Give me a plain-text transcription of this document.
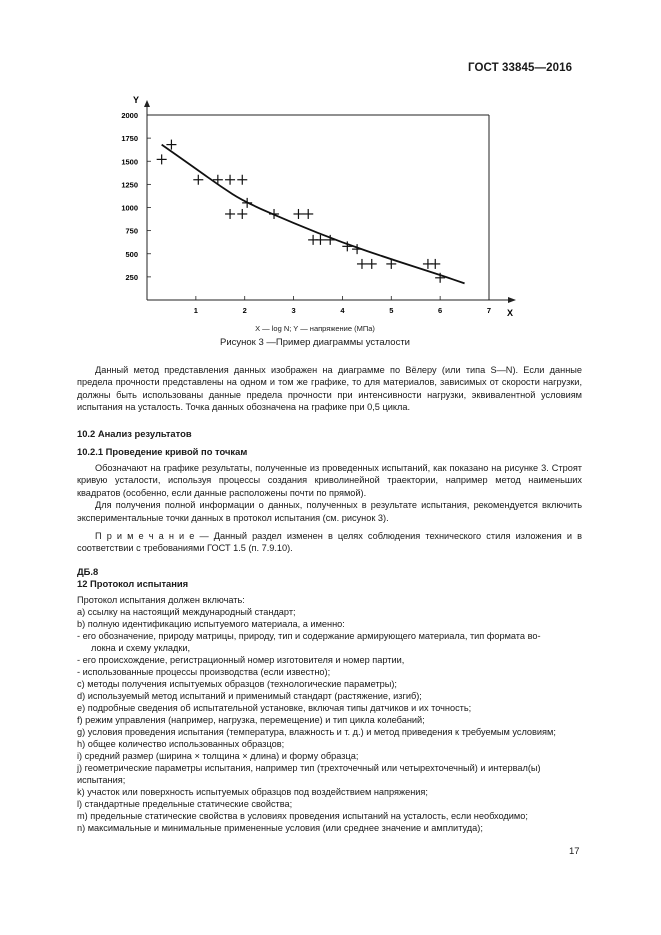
ГОСТ 33845—2016
Y
X
250
500
750
1000
1250
1500
1750
2000
1	2	3	4	5	6	7
X — log N; Y — напряжение (МПа)
Рисунок 3 —Пример диаграммы усталости

Данный метод представления данных изображен на диаграмме по Вёлеру (или типа S—N). Если данные предела прочности представлены на одном и том же графике, то для материалов, зависимых от скорости нагрузки, должны быть использованы данные предела прочности при интенсивности нагрузки, эквивалентной условиям испытания на усталость. Точка данных обозначена на графике при 0,5 цикла.

10.2 Анализ результатов
10.2.1 Проведение кривой по точкам

Обозначают на графике результаты, полученные из проведенных испытаний, как показано на рисунке 3. Строят кривую усталости, используя процессы создания криволинейной траектории, например метод наименьших квадратов (особенно, если данные расположены почти по прямой).

Для получения полной информации о данных, полученных в результате испытания, рекомендуется включить экспериментальные точки данных в протокол испытания (см. рисунок 3).

П р и м е ч а н и е — Данный раздел изменен в целях соблюдения технического стиля изложения и в соответствии с требованиями ГОСТ 1.5 (п. 7.9.10).

ДБ.8
12 Протокол испытания
Протокол испытания должен включать:
a) ссылку на настоящий международный стандарт;
b) полную идентификацию испытуемого материала, а именно:
- его обозначение, природу матрицы, природу, тип и содержание армирующего материала, тип формата во-
локна и схему укладки,
- его происхождение, регистрационный номер изготовителя и номер партии,
- использованные процессы производства (если известно);
c) методы получения испытуемых образцов (технологические параметры);
d) используемый метод испытаний и применимый стандарт (растяжение, изгиб);
e) подробные сведения об испытательной установке, включая типы датчиков и их точность;
f) режим управления (например, нагрузка, перемещение) и тип цикла колебаний;
g) условия проведения испытания (температура, влажность и т. д.) и метод приведения к требуемым условиям;
h) общее количество использованных образцов;
i) средний размер (ширина × толщина × длина) и форму образца;
j) геометрические параметры испытания, например тип (трехточечный или четырехточечный) и интервал(ы)
испытания;
k) участок или поверхность испытуемых образцов под воздействием напряжения;
l) стандартные предельные статические свойства;
m) предельные статические свойства в условиях проведения испытаний на усталость, если необходимо;
n) максимальные и минимальные примененные условия (или среднее значение и амплитуда);
17
